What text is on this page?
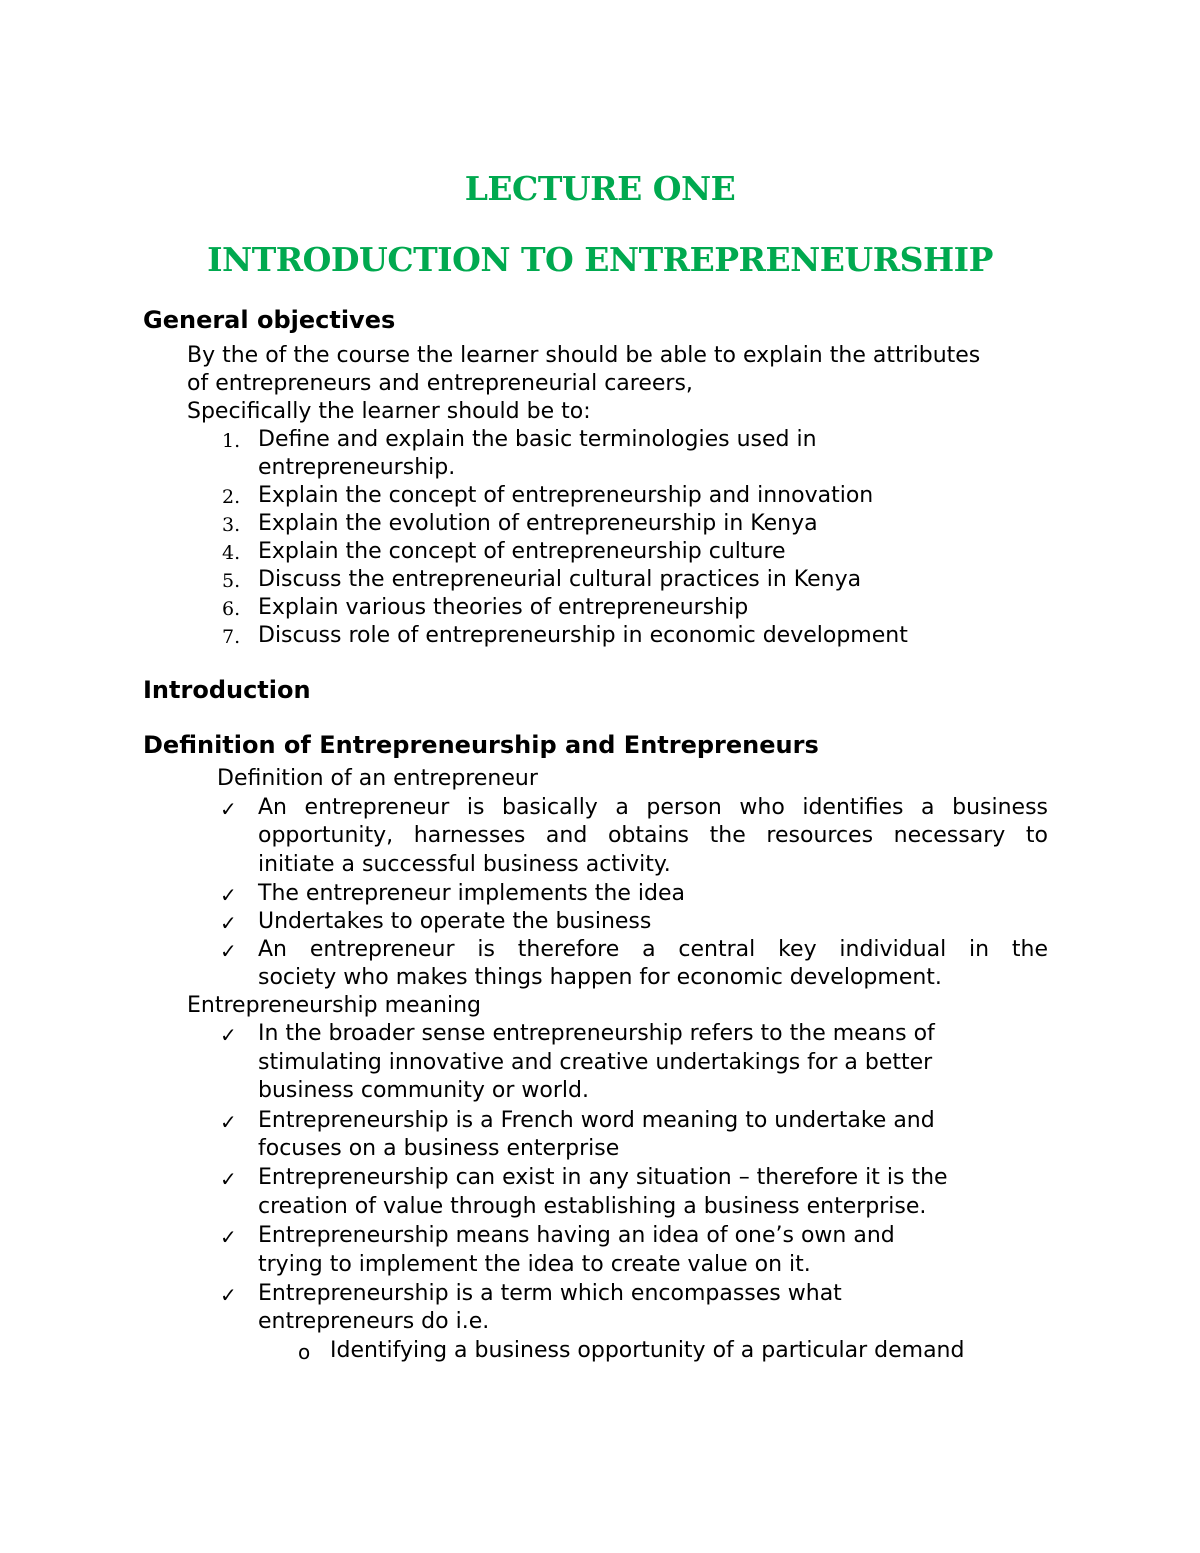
LECTURE ONE
INTRODUCTION TO ENTREPRENEURSHIP
General objectives
By the of the course the learner should be able to explain the attributes
of entrepreneurs and entrepreneurial careers,
Specifically the learner should be to:
1. Define and explain the basic terminologies used in
entrepreneurship.
2. Explain the concept of entrepreneurship and innovation
3. Explain the evolution of entrepreneurship in Kenya
4. Explain the concept of entrepreneurship culture
5. Discuss the entrepreneurial cultural practices in Kenya
6. Explain various theories of entrepreneurship
7. Discuss role of entrepreneurship in economic development
Introduction
Definition of Entrepreneurship and Entrepreneurs
Definition of an entrepreneur
✓ An entrepreneur is basically a person who identifies a business
opportunity, harnesses and obtains the resources necessary to
initiate a successful business activity.
✓ The entrepreneur implements the idea
✓ Undertakes to operate the business
✓ An entrepreneur is therefore a central key individual in the
society who makes things happen for economic development.
Entrepreneurship meaning
✓ In the broader sense entrepreneurship refers to the means of
stimulating innovative and creative undertakings for a better
business community or world.
✓ Entrepreneurship is a French word meaning to undertake and
focuses on a business enterprise
✓ Entrepreneurship can exist in any situation – therefore it is the
creation of value through establishing a business enterprise.
✓ Entrepreneurship means having an idea of one’s own and
trying to implement the idea to create value on it.
✓ Entrepreneurship is a term which encompasses what
entrepreneurs do i.e.
o Identifying a business opportunity of a particular demand
